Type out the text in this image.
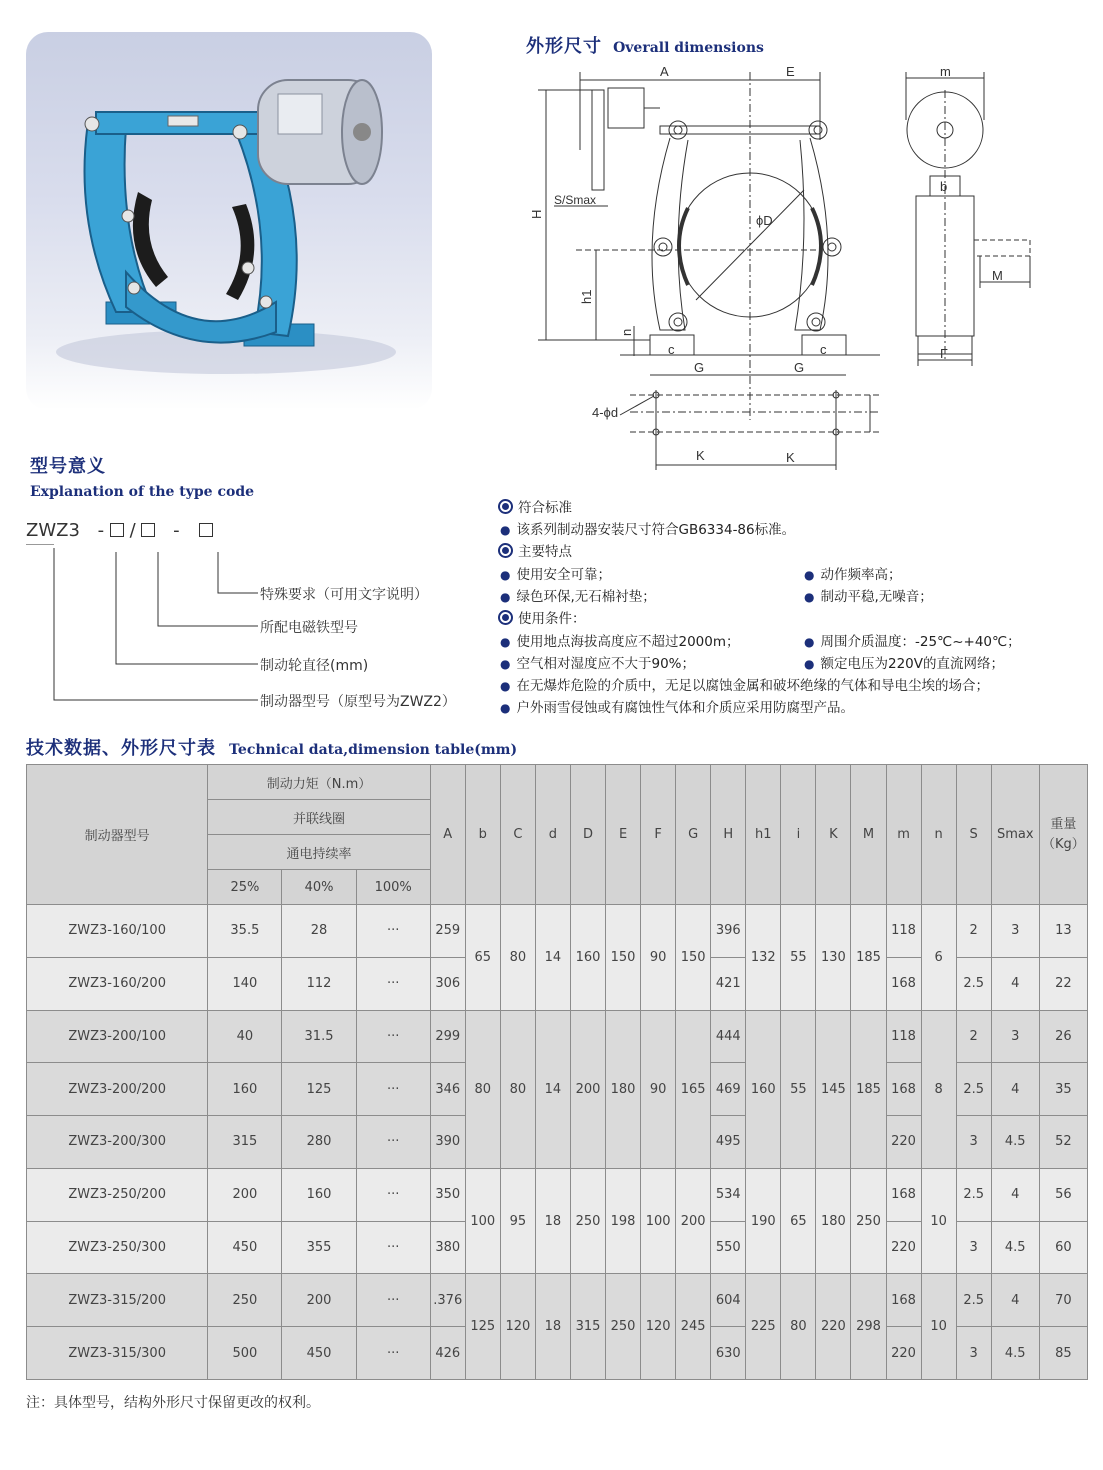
外形尺寸 Overall dimensions
A	E
ϕD
H
S/Smax
h1
n
c	c
G	G
4-ϕd
K	K
m
b
M
F
型号意义
Explanation of the type code
ZWZ3 - / -
特殊要求（可用文字说明）
所配电磁铁型号
制动轮直径(mm)
制动器型号（原型号为ZWZ2）
符合标准
● 该系列制动器安装尺寸符合GB6334-86标准。
主要特点
● 使用安全可靠；	● 动作频率高；
● 绿色环保,无石棉衬垫；	● 制动平稳,无噪音；
使用条件：
● 使用地点海拔高度应不超过2000m；	● 周围介质温度：-25℃~+40℃；
● 空气相对湿度应不大于90%；	● 额定电压为220V的直流网络；
● 在无爆炸危险的介质中，无足以腐蚀金属和破坏绝缘的气体和导电尘埃的场合；
● 户外雨雪侵蚀或有腐蚀性气体和介质应采用防腐型产品。
技术数据、外形尺寸表 Technical data,dimension table(mm)
制动器型号	制动力矩（N.m）			A	b	C	d	D	E	F	G	H	h1	i	K	M	m	n	S	Smax	重量（Kg）
	并联线圈																				
	通电持续率																				
	25%	40%	100%																		
ZWZ3-160/100	35.5	28	···	259	65	80	14	160	150	90	150	396	132	55	130	185	118	6	2	3	13
ZWZ3-160/200	140	112	···	306								421					168		2.5	4	22
ZWZ3-200/100	40	31.5	···	299	80	80	14	200	180	90	165	444	160	55	145	185	118	8	2	3	26
ZWZ3-200/200	160	125	···	346								469					168		2.5	4	35
ZWZ3-200/300	315	280	···	390								495					220		3	4.5	52
ZWZ3-250/200	200	160	···	350	100	95	18	250	198	100	200	534	190	65	180	250	168	10	2.5	4	56
ZWZ3-250/300	450	355	···	380								550					220		3	4.5	60
ZWZ3-315/200	250	200	···	.376	125	120	18	315	250	120	245	604	225	80	220	298	168	10	2.5	4	70
ZWZ3-315/300	500	450	···	426								630					220		3	4.5	85
注：具体型号，结构外形尺寸保留更改的权利。
